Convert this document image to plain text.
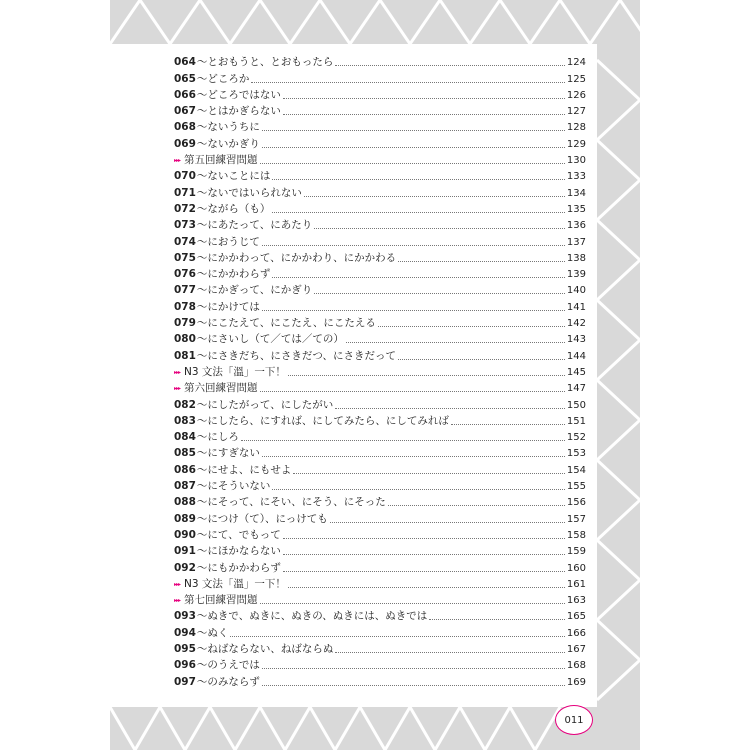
064 〜とおもうと、とおもったら	124
065 〜どころか	125
066 〜どころではない	126
067 〜とはかぎらない	127
068 〜ないうちに	128
069 〜ないかぎり	129
▸▸▸ 第五回練習問題	130
070 〜ないことには	133
071 〜ないではいられない	134
072 〜ながら（も）	135
073 〜にあたって、にあたり	136
074 〜におうじて	137
075 〜にかかわって、にかかわり、にかかわる	138
076 〜にかかわらず	139
077 〜にかぎって、にかぎり	140
078 〜にかけては	141
079 〜にこたえて、にこたえ、にこたえる	142
080 〜にさいし（て／ては／ての）	143
081 〜にさきだち、にさきだつ、にさきだって	144
▸▸▸ N3 文法「溫」一下！	145
▸▸▸ 第六回練習問題	147
082 〜にしたがって、にしたがい	150
083 〜にしたら、にすれば、にしてみたら、にしてみれば	151
084 〜にしろ	152
085 〜にすぎない	153
086 〜にせよ、にもせよ	154
087 〜にそういない	155
088 〜にそって、にそい、にそう、にそった	156
089 〜につけ（て）、にっけても	157
090 〜にて、でもって	158
091 〜にほかならない	159
092 〜にもかかわらず	160
▸▸▸ N3 文法「溫」一下！	161
▸▸▸ 第七回練習問題	163
093 〜ぬきで、ぬきに、ぬきの、ぬきには、ぬきでは	165
094 〜ぬく	166
095 〜ねばならない、ねばならぬ	167
096 〜のうえでは	168
097 〜のみならず	169
011
